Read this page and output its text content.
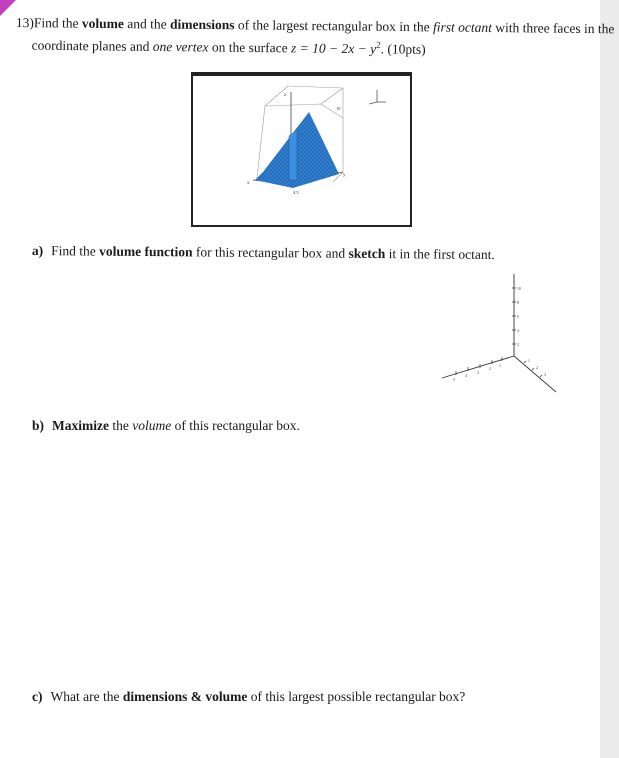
13)Find the volume and the dimensions of the largest rectangular box in the first octant with three faces in the
coordinate planes and one vertex on the surface $z = 10 - 2x - y^2$. (10pts)
z
10
x
y
4.5
a) Find the volume function for this rectangular box and sketch it in the first octant.
10
8
6
4
2
5
4
3
2
1
1
2
3
b) Maximize the volume of this rectangular box.
c) What are the dimensions & volume of this largest possible rectangular box?
